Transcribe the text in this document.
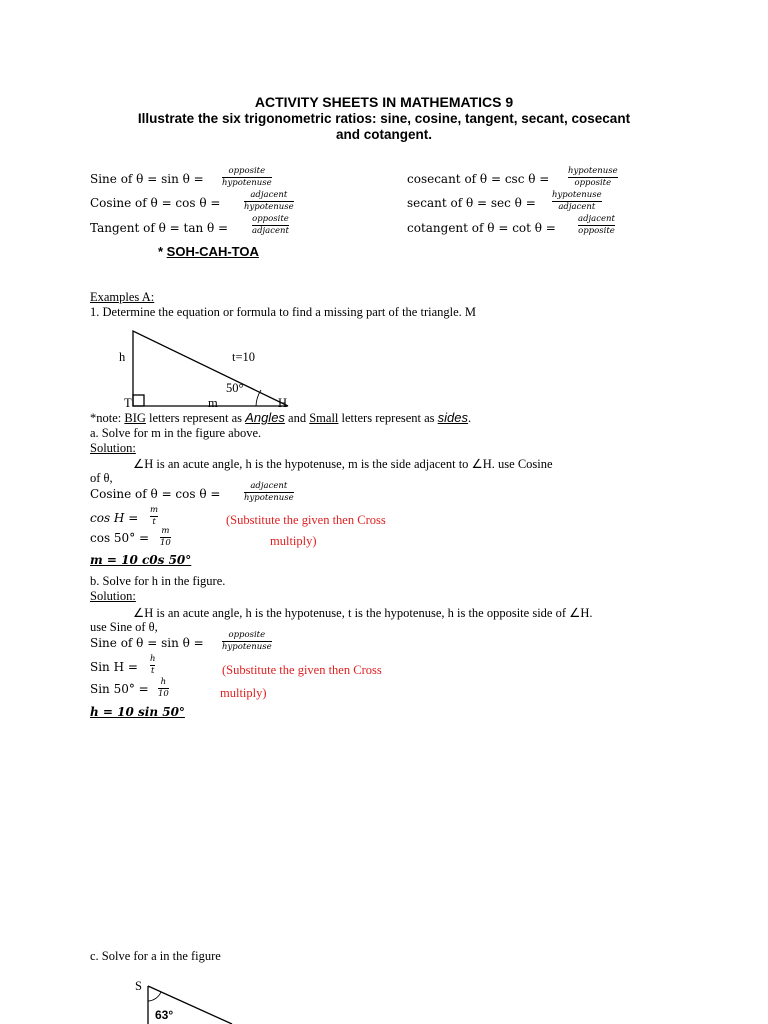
ACTIVITY SHEETS IN MATHEMATICS 9
Illustrate the six trigonometric ratios: sine, cosine, tangent, secant, cosecant
and cotangent.
Sine of θ = sin θ =
opposite
hypotenuse
Cosine of θ = cos θ =
adjacent
hypotenuse
Tangent of θ = tan θ =
opposite
adjacent
cosecant of θ = csc θ =
hypotenuse
opposite
secant of θ = sec θ =
hypotenuse
adjacent
cotangent of θ = cot θ =
adjacent
opposite
* SOH-CAH-TOA
Examples A:
1. Determine the equation or formula to find a missing part of the triangle. M
h	t=10
50°
T	m	H
*note: BIG letters represent as Angles and Small letters represent as sides.
a. Solve for m in the figure above.
Solution:
∠H is an acute angle, h is the hypotenuse, m is the side adjacent to ∠H. use Cosine
of θ,
Cosine of θ = cos θ =
adjacent
hypotenuse
cos H =
m
t
cos 50° = m
10
m = 10 c0s 50°
(Substitute the given then Cross
multiply)
b. Solve for h in the figure.
Solution:
∠H is an acute angle, h is the hypotenuse, t is the hypotenuse, h is the opposite side of ∠H.
use Sine of θ,
Sine of θ = sin θ =
opposite
hypotenuse
Sin H =
h
t
Sin 50° = h
10
h = 10 sin 50°
(Substitute the given then Cross
multiply)
c. Solve for a in the figure
S
63°
